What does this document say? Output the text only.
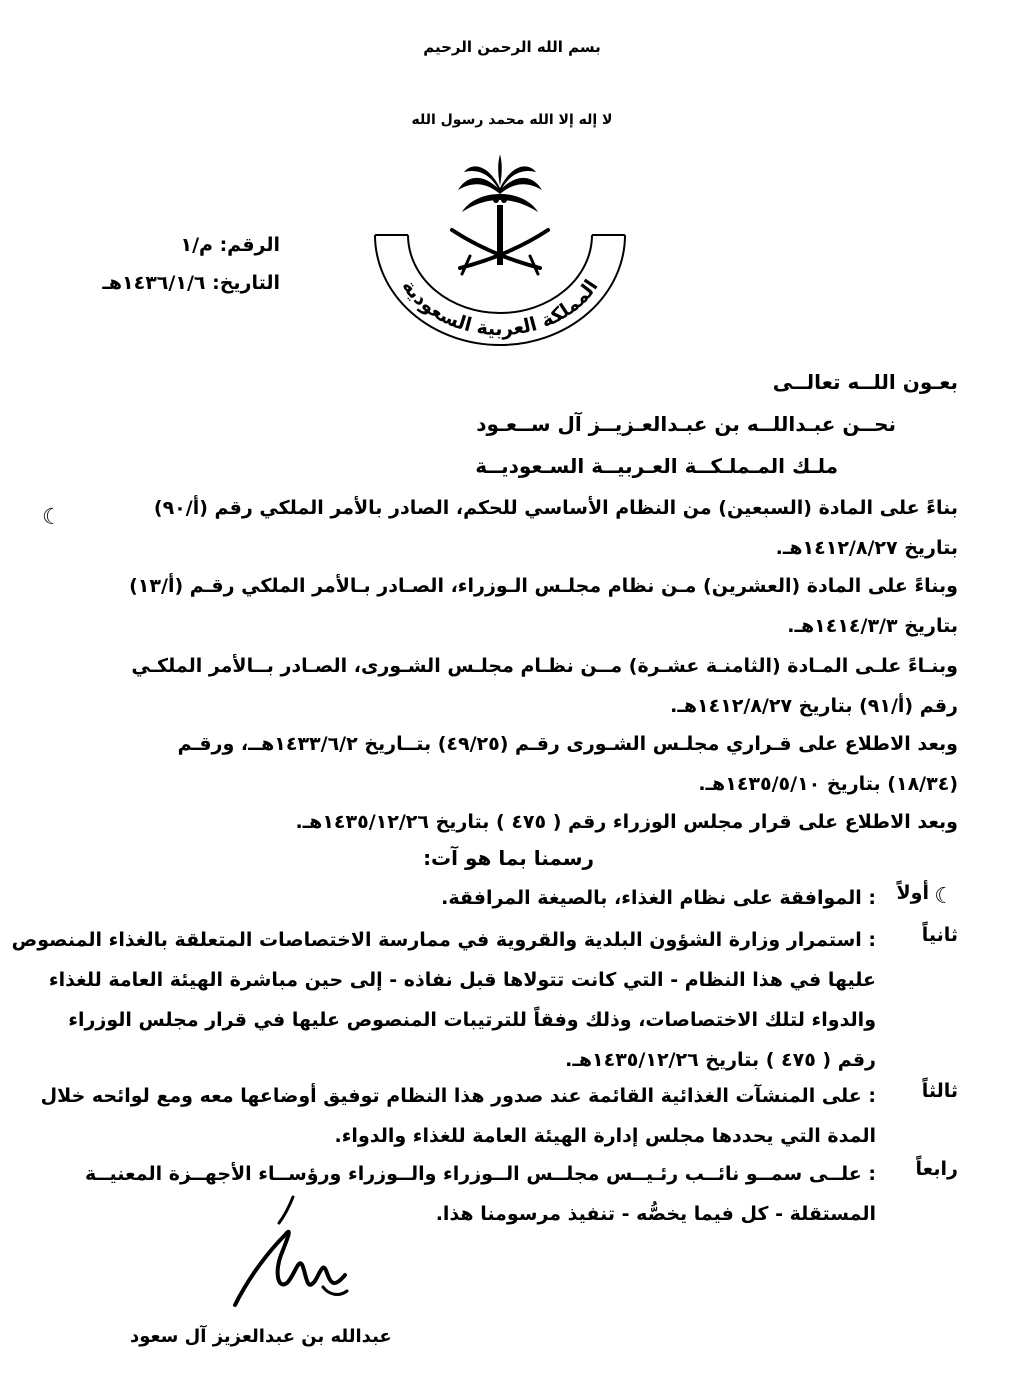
بسم الله الرحمن الرحيم
لا إله إلا الله محمد رسول الله
المملكة العربية السعودية
الرقم: م/١
التاريخ: ١٤٣٦/١/٦هـ
بعـون اللــه تعالــى
نحــن عبـداللــه بن عبـدالعـزيــز آل ســعـود
ملـك المـملـكــة العـربيــة السـعوديــة
☾	بناءً على المادة (السبعين) من النظام الأساسي للحكم، الصادر بالأمر الملكي رقم (أ/٩٠)
بتاريخ ١٤١٢/٨/٢٧هـ.
وبناءً على المادة (العشرين) مـن نظام مجلـس الـوزراء، الصـادر بـالأمر الملكي رقـم (أ/١٣)
بتاريخ ١٤١٤/٣/٣هـ.
وبنـاءً علـى المـادة (الثامنـة عشـرة) مــن نظـام مجلـس الشـورى، الصـادر بــالأمر الملكـي
رقم (أ/٩١) بتاريخ ١٤١٢/٨/٢٧هـ.
وبعد الاطلاع على قـراري مجلـس الشـورى رقـم (٤٩/٢٥) بتــاريخ ١٤٣٣/٦/٢هــ، ورقـم
(١٨/٣٤) بتاريخ ١٤٣٥/٥/١٠هـ.
وبعد الاطلاع على قرار مجلس الوزراء رقم ( ٤٧٥ ) بتاريخ ١٤٣٥/١٢/٢٦هـ.
رسمنا بما هو آت:
☾
أولاً
: الموافقة على نظام الغذاء، بالصيغة المرافقة.
ثانياً
: استمرار وزارة الشؤون البلدية والقروية في ممارسة الاختصاصات المتعلقة بالغذاء المنصوص
عليها في هذا النظام - التي كانت تتولاها قبل نفاذه - إلى حين مباشرة الهيئة العامة للغذاء
والدواء لتلك الاختصاصات، وذلك وفقاً للترتيبات المنصوص عليها في قرار مجلس الوزراء
رقم ( ٤٧٥ ) بتاريخ ١٤٣٥/١٢/٢٦هـ.
ثالثاً
: على المنشآت الغذائية القائمة عند صدور هذا النظام توفيق أوضاعها معه ومع لوائحه خلال
المدة التي يحددها مجلس إدارة الهيئة العامة للغذاء والدواء.
رابعاً
: علــى سمــو نائــب رئـيــس مجلــس الــوزراء والــوزراء ورؤســاء الأجهــزة المعنيــة
المستقلة - كل فيما يخصُّه - تنفيذ مرسومنا هذا.
عبدالله بن عبدالعزيز آل سعود
